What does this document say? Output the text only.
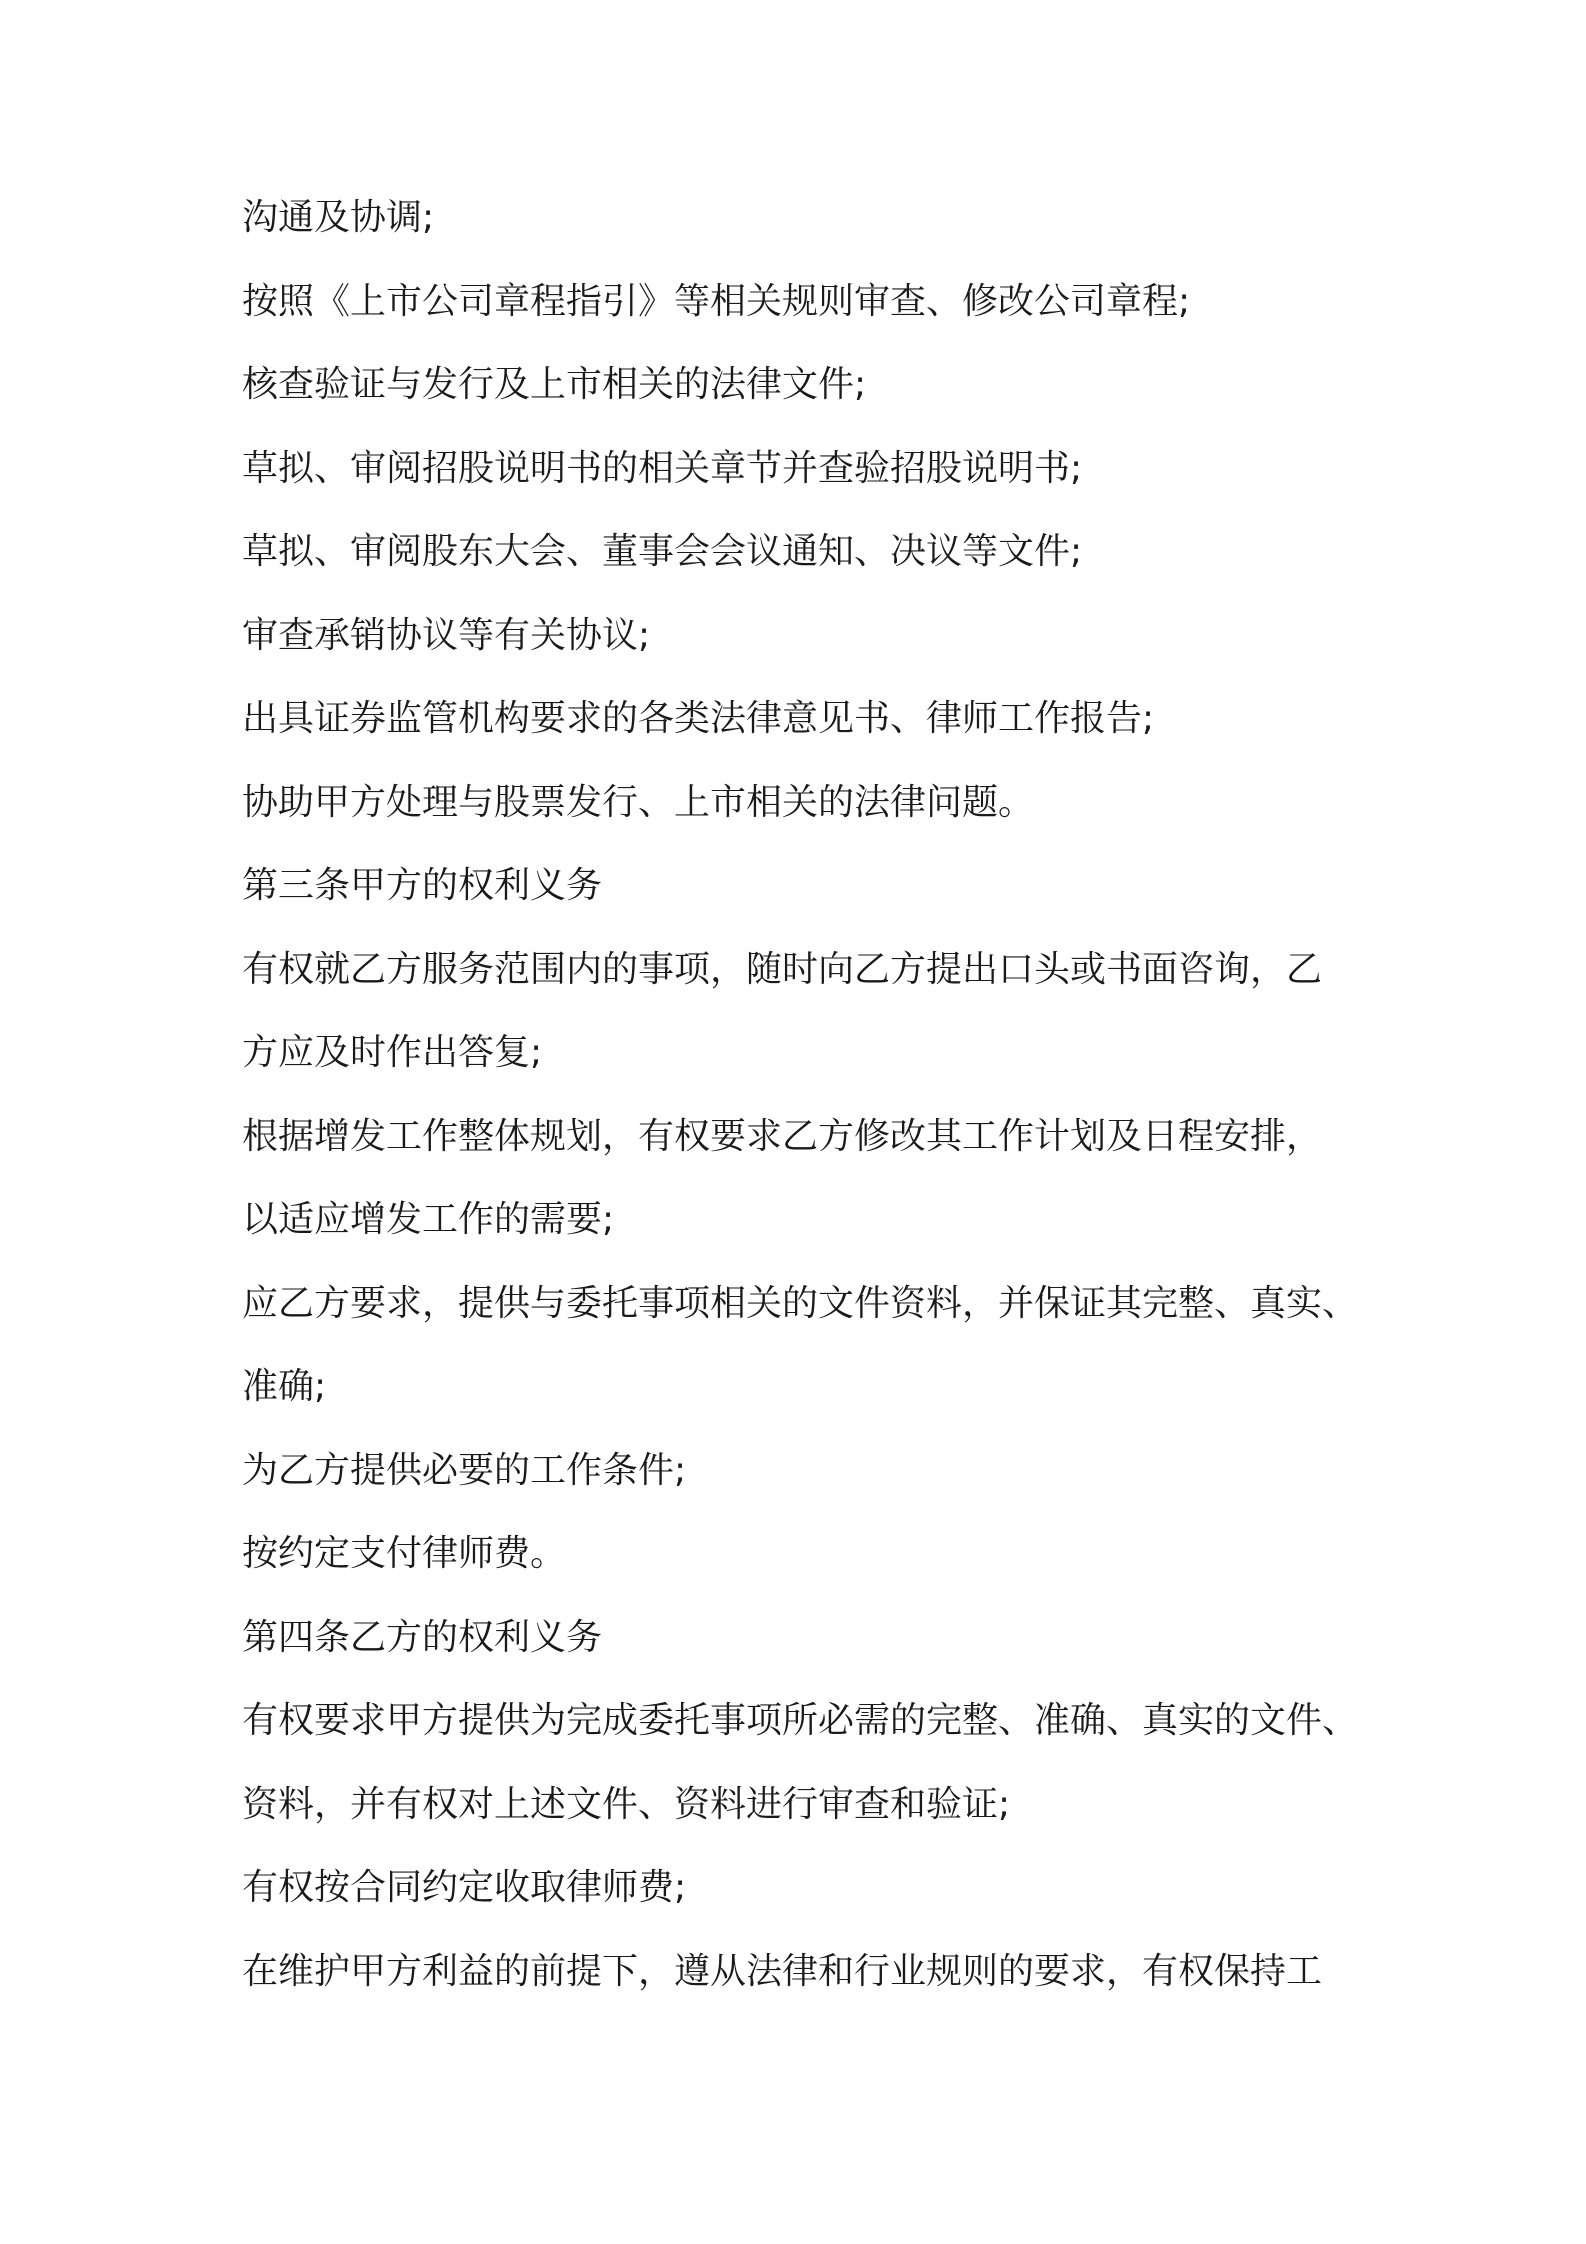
沟通及协调;

按照《上市公司章程指引》等相关规则审查、修改公司章程;

核查验证与发行及上市相关的法律文件;

草拟、审阅招股说明书的相关章节并查验招股说明书;

草拟、审阅股东大会、董事会会议通知、决议等文件;

审查承销协议等有关协议;

出具证券监管机构要求的各类法律意见书、律师工作报告;

协助甲方处理与股票发行、上市相关的法律问题。

第三条甲方的权利义务

有权就乙方服务范围内的事项，随时向乙方提出口头或书面咨询，乙

方应及时作出答复;

根据增发工作整体规划，有权要求乙方修改其工作计划及日程安排，

以适应增发工作的需要;

应乙方要求，提供与委托事项相关的文件资料，并保证其完整、真实、

准确;

为乙方提供必要的工作条件;

按约定支付律师费。

第四条乙方的权利义务

有权要求甲方提供为完成委托事项所必需的完整、准确、真实的文件、

资料，并有权对上述文件、资料进行审查和验证;

有权按合同约定收取律师费;

在维护甲方利益的前提下，遵从法律和行业规则的要求，有权保持工
